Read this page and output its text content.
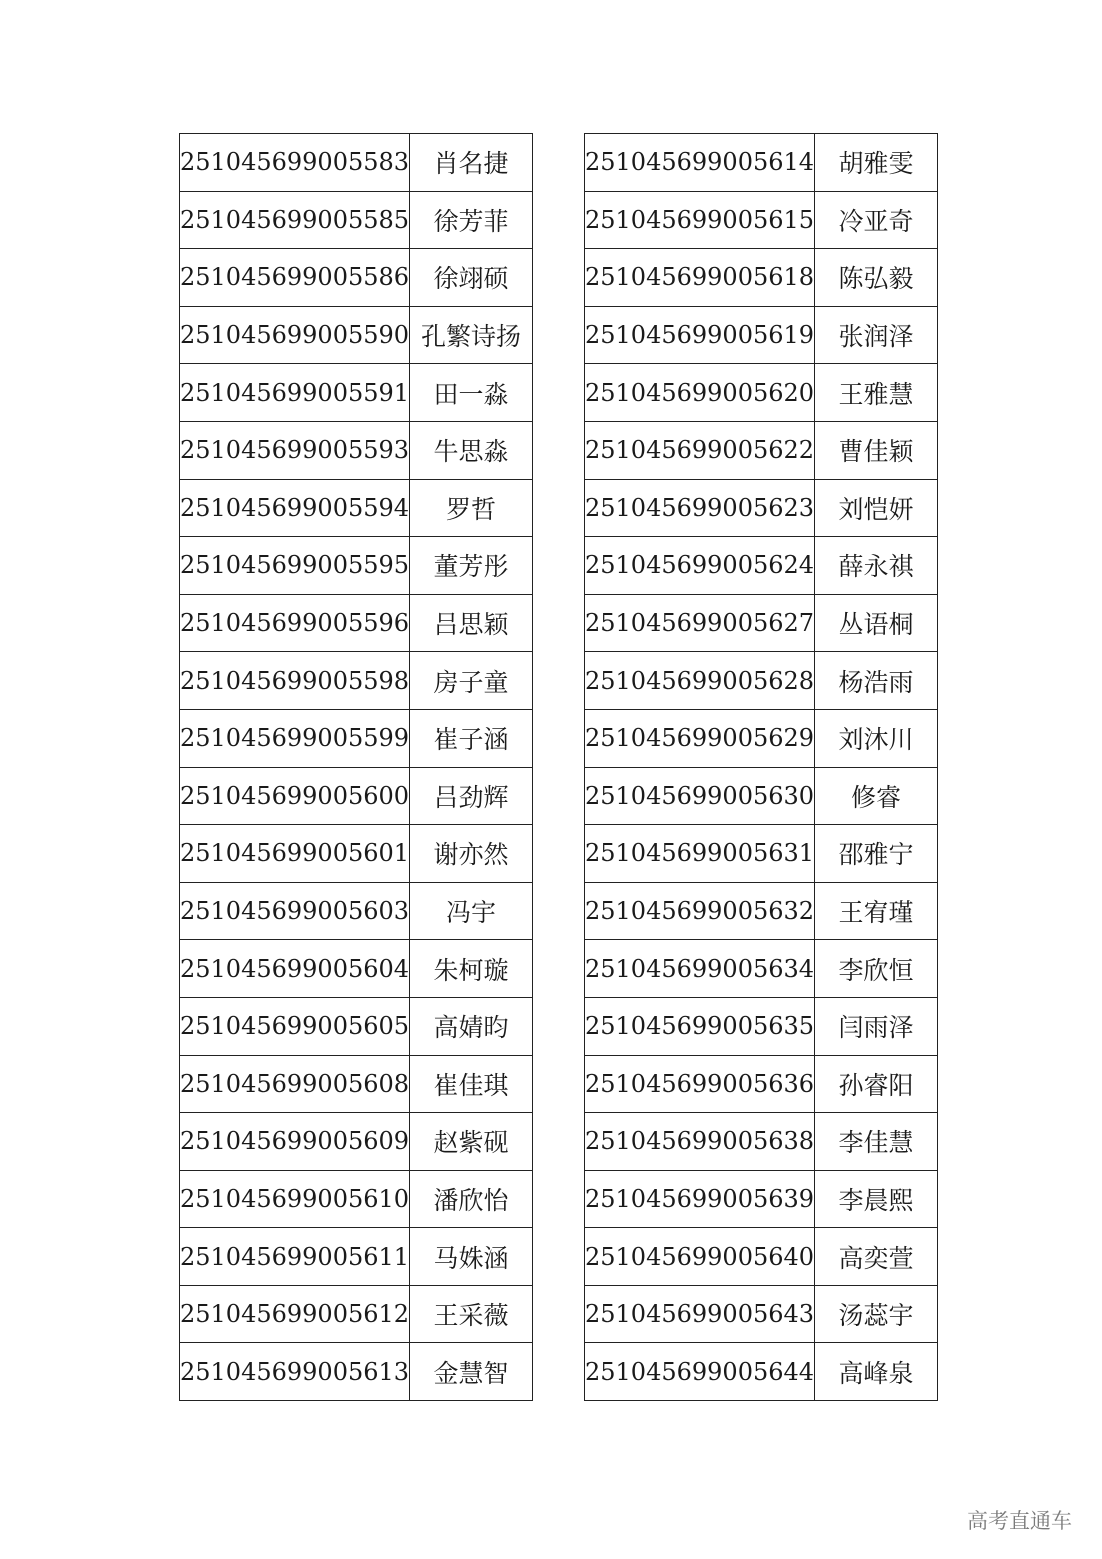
251045699005583	肖名捷
251045699005585	徐芳菲
251045699005586	徐翊硕
251045699005590	孔繁诗扬
251045699005591	田一淼
251045699005593	牛思淼
251045699005594	罗哲
251045699005595	董芳彤
251045699005596	吕思颖
251045699005598	房子童
251045699005599	崔子涵
251045699005600	吕劲辉
251045699005601	谢亦然
251045699005603	冯宇
251045699005604	朱柯璇
251045699005605	高婧昀
251045699005608	崔佳琪
251045699005609	赵紫砚
251045699005610	潘欣怡
251045699005611	马姝涵
251045699005612	王采薇
251045699005613	金慧智
251045699005614	胡雅雯
251045699005615	冷亚奇
251045699005618	陈弘毅
251045699005619	张润泽
251045699005620	王雅慧
251045699005622	曹佳颖
251045699005623	刘恺妍
251045699005624	薛永祺
251045699005627	丛语桐
251045699005628	杨浩雨
251045699005629	刘沐川
251045699005630	修睿
251045699005631	邵雅宁
251045699005632	王宥瑾
251045699005634	李欣恒
251045699005635	闫雨泽
251045699005636	孙睿阳
251045699005638	李佳慧
251045699005639	李晨熙
251045699005640	高奕萱
251045699005643	汤蕊宇
251045699005644	高峰泉
高考直通车
